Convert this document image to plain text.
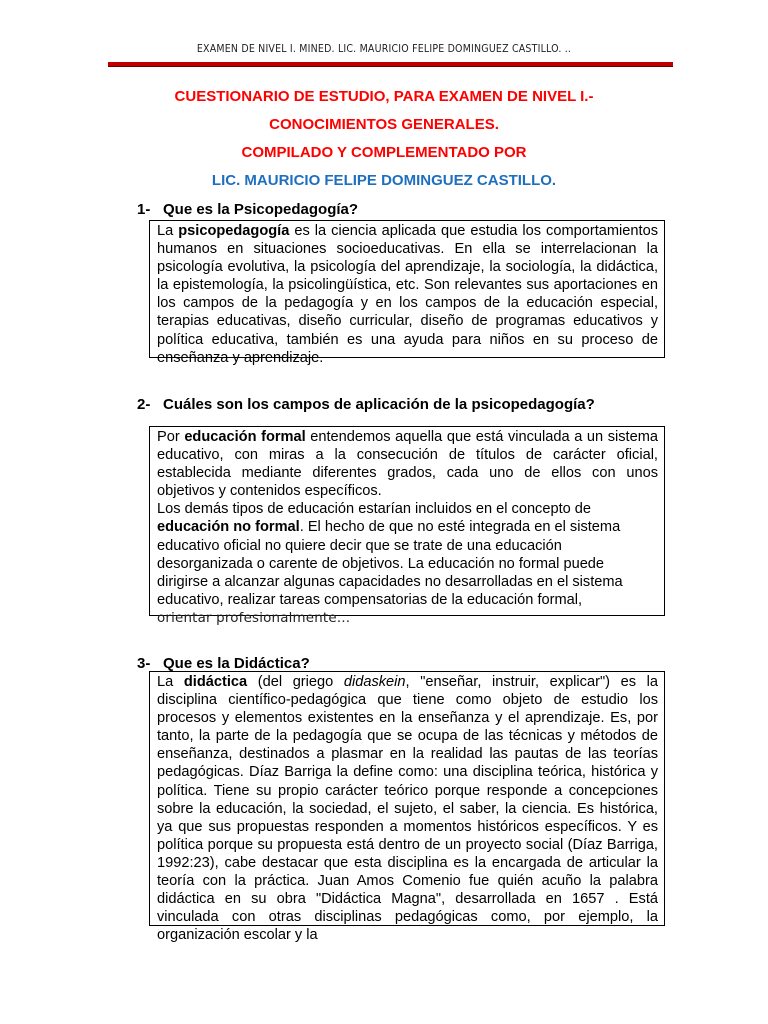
EXAMEN DE NIVEL I. MINED. LIC. MAURICIO FELIPE DOMINGUEZ CASTILLO. ..
CUESTIONARIO DE ESTUDIO, PARA EXAMEN DE NIVEL I.-
CONOCIMIENTOS GENERALES.
COMPILADO Y COMPLEMENTADO POR
LIC. MAURICIO FELIPE DOMINGUEZ CASTILLO.
1- Que es la Psicopedagogía?

La psicopedagogía es la ciencia aplicada que estudia los comportamientos humanos en situaciones socioeducativas. En ella se interrelacionan la psicología evolutiva, la psicología del aprendizaje, la sociología, la didáctica, la epistemología, la psicolingüística, etc. Son relevantes sus aportaciones en los campos de la pedagogía y en los campos de la educación especial, terapias educativas, diseño curricular, diseño de programas educativos y política educativa, también es una ayuda para niños en su proceso de enseñanza y aprendizaje.

2- Cuáles son los campos de aplicación de la psicopedagogía?

Por educación formal entendemos aquella que está vinculada a un sistema educativo, con miras a la consecución de títulos de carácter oficial, establecida mediante diferentes grados, cada uno de ellos con unos objetivos y contenidos específicos.

Los demás tipos de educación estarían incluidos en el concepto de educación no formal. El hecho de que no esté integrada en el sistema educativo oficial no quiere decir que se trate de una educación desorganizada o carente de objetivos. La educación no formal puede dirigirse a alcanzar algunas capacidades no desarrolladas en el sistema educativo, realizar tareas compensatorias de la educación formal,
orientar profesionalmente…

3- Que es la Didáctica?

La didáctica (del griego didaskein, "enseñar, instruir, explicar") es la disciplina científico-pedagógica que tiene como objeto de estudio los procesos y elementos existentes en la enseñanza y el aprendizaje. Es, por tanto, la parte de la pedagogía que se ocupa de las técnicas y métodos de enseñanza, destinados a plasmar en la realidad las pautas de las teorías pedagógicas. Díaz Barriga la define como: una disciplina teórica, histórica y política. Tiene su propio carácter teórico porque responde a concepciones sobre la educación, la sociedad, el sujeto, el saber, la ciencia. Es histórica, ya que sus propuestas responden a momentos históricos específicos. Y es política porque su propuesta está dentro de un proyecto social (Díaz Barriga, 1992:23), cabe destacar que esta disciplina es la encargada de articular la teoría con la práctica. Juan Amos Comenio fue quién acuño la palabra didáctica en su obra "Didáctica Magna", desarrollada en 1657 . Está vinculada con otras disciplinas pedagógicas como, por ejemplo, la organización escolar y la
